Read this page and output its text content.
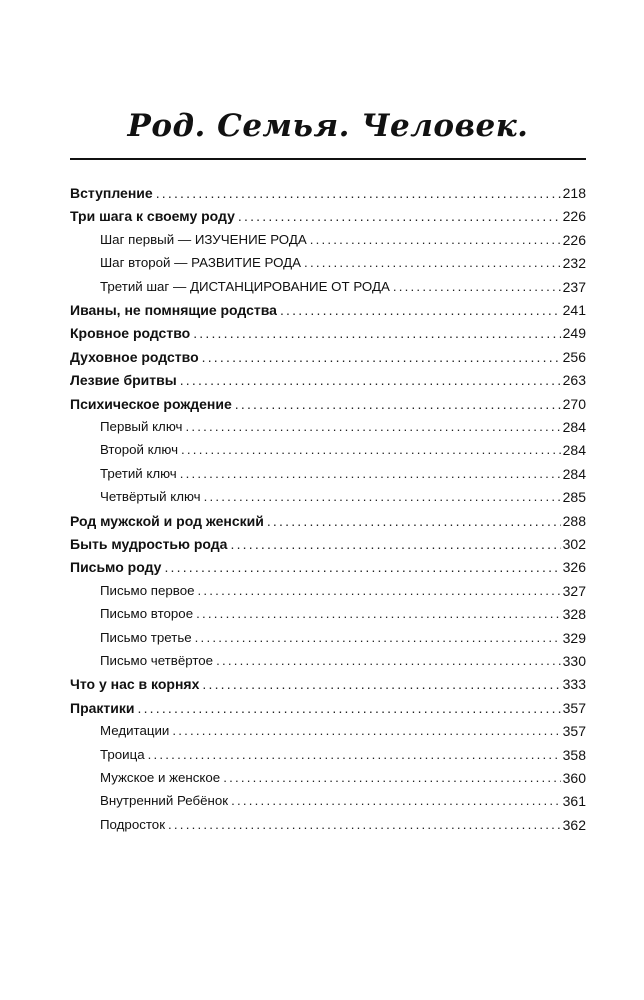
Род. Семья. Человек.
Вступление .....	218
Три шага к своему роду .....	226
Шаг первый — ИЗУЧЕНИЕ РОДА .....	226
Шаг второй — РАЗВИТИЕ РОДА .....	232
Третий шаг — ДИСТАНЦИРОВАНИЕ ОТ РОДА .....	237
Иваны, не помнящие родства .....	241
Кровное родство .....	249
Духовное родство .....	256
Лезвие бритвы .....	263
Психическое рождение .....	270
Первый ключ .....	284
Второй ключ .....	284
Третий ключ .....	284
Четвёртый ключ .....	285
Род мужской и род женский .....	288
Быть мудростью рода .....	302
Письмо роду .....	326
Письмо первое .....	327
Письмо второе .....	328
Письмо третье .....	329
Письмо четвёртое .....	330
Что у нас в корнях .....	333
Практики .....	357
Медитации .....	357
Троица .....	358
Мужское и женское .....	360
Внутренний Ребёнок .....	361
Подросток .....	362
